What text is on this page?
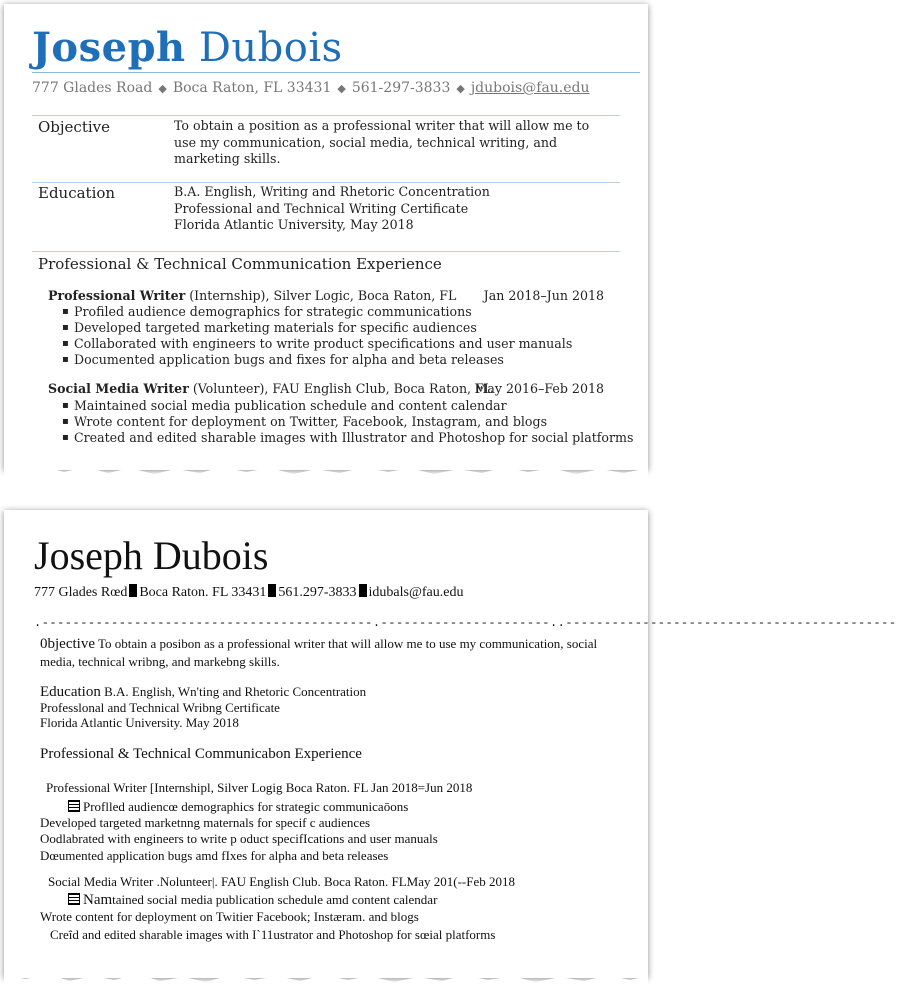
Joseph Dubois
777 Glades Road ◆ Boca Raton, FL 33431 ◆ 561-297-3833 ◆ jdubois@fau.edu
Objective	To obtain a position as a professional writer that will allow me to use my communication, social media, technical writing, and marketing skills.
Education	B.A. English, Writing and Rhetoric Concentration
Professional and Technical Writing Certificate
Florida Atlantic University, May 2018
Professional & Technical Communication Experience
Professional Writer (Internship), Silver Logic, Boca Raton, FL Jan 2018–Jun 2018
▪ Profiled audience demographics for strategic communications
▪ Developed targeted marketing materials for specific audiences
▪ Collaborated with engineers to write product specifications and user manuals
▪ Documented application bugs and fixes for alpha and beta releases
Social Media Writer (Volunteer), FAU English Club, Boca Raton, FL
May 2016–Feb 2018
▪ Maintained social media publication schedule and content calendar
▪ Wrote content for deployment on Twitter, Facebook, Instagram, and blogs
▪ Created and edited sharable images with Illustrator and Photoshop for social platforms
Joseph Dubois
777 Glades Rœd Boca Raton. FL 33431 561.297-3833 idubals@fau.edu
.-------------------------------------------.----------------------..-------------------------------------------
0bjective To obtain a posibon as a professional writer that will allow me to use my communication, social
media, technical wribng, and markebng skills.
Education B.A. English, Wn'ting and Rhetoric Concentration
Professlonal and Technical Wribng Certificate
Florida Atlantic University. May 2018
Professional & Technical Communicabon Experience
Professional Writer [Internshipl, Silver Logig Boca Raton. FL Jan 2018=Jun 2018
Proflled audiencœ demographics for strategic communicaōons
Developed targeted marketnng maternals for specif c audiences
Oodlabrated with engineers to write p oduct specifIcations and user manuals
Dœumented application bugs amd fIxes for alpha and beta releases
Social Media Writer .Nolunteer|. FAU English Club. Boca Raton. FLMay 201(--Feb 2018
Namtained social media publication schedule amd content calendar
Wrote content for deployment on Twitier Facebook; Instæram. and blogs
Creȋd and edited sharable images with I`11ustrator and Photoshop for sœial platforms
